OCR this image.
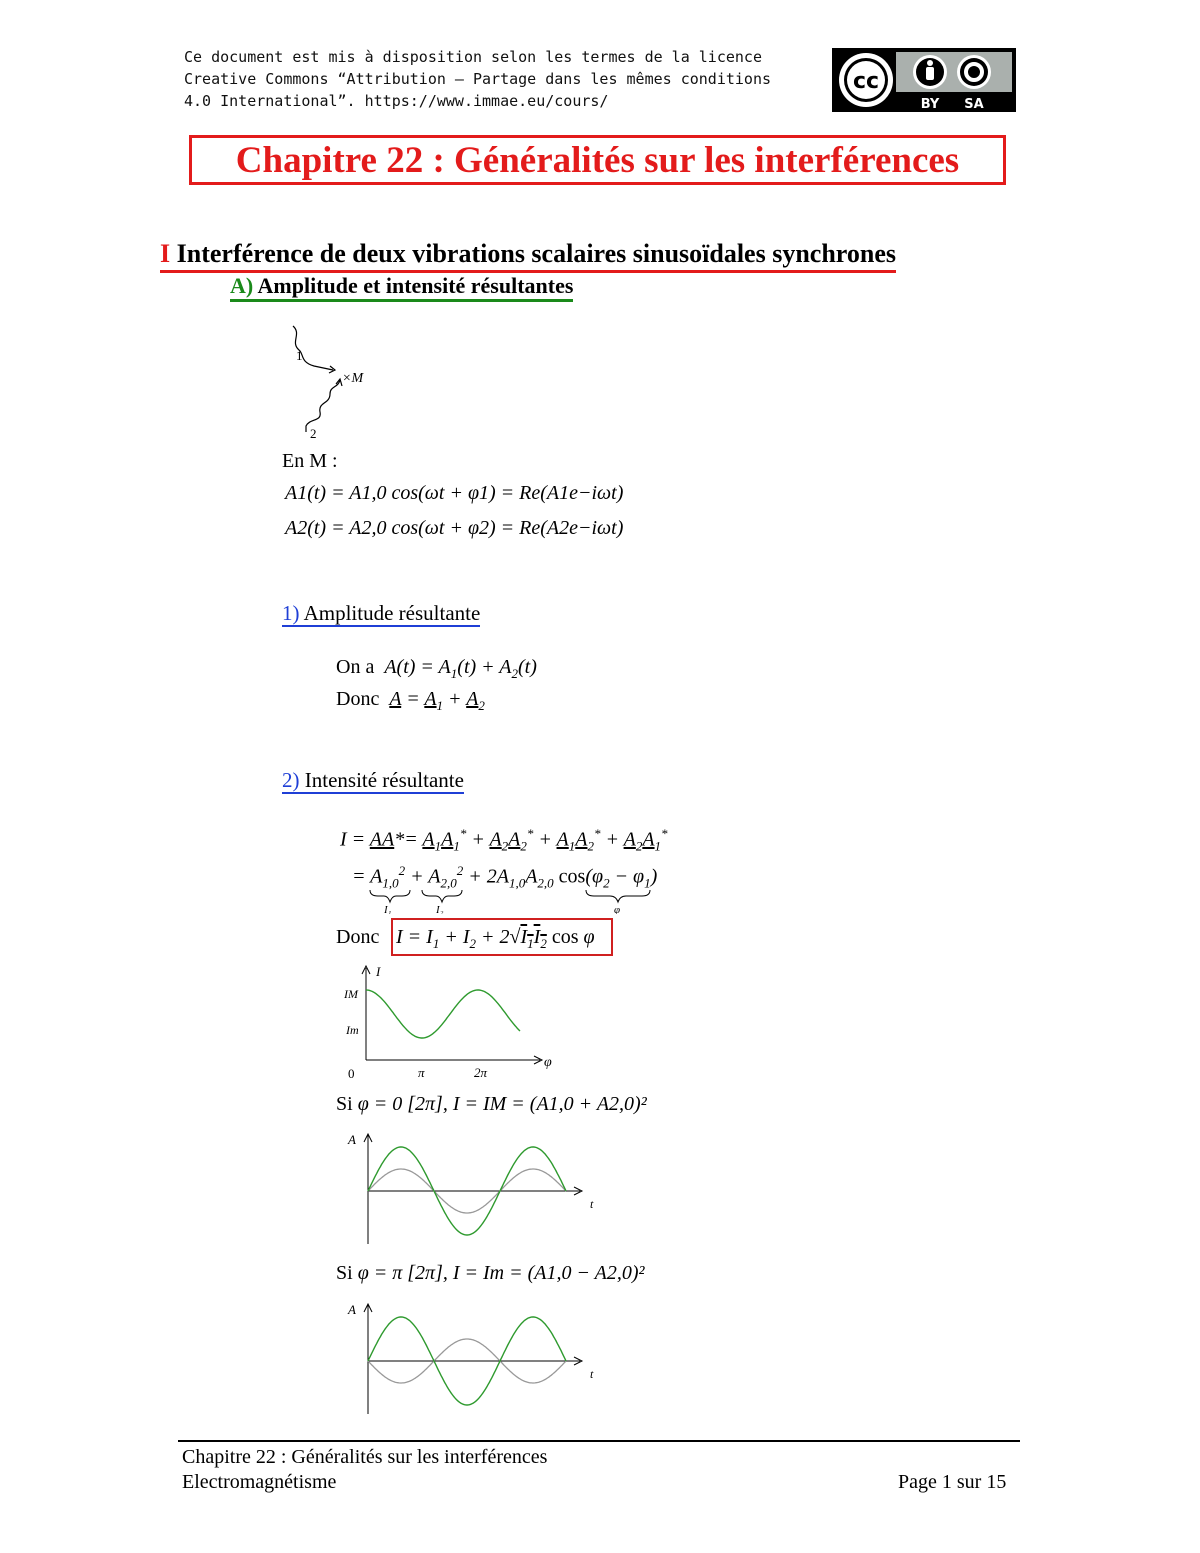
Ce document est mis à disposition selon les termes de la licence
Creative Commons “Attribution – Partage dans les mêmes conditions
4.0 International”. https://www.immae.eu/cours/
cc
BY SA
Chapitre 22 : Généralités sur les interférences
I Interférence de deux vibrations scalaires sinusoïdales synchrones
A) Amplitude et intensité résultantes
1
2
×M
En M :
A1(t) = A1,0 cos(ωt + φ1) = Re(A1e−iωt)
A2(t) = A2,0 cos(ωt + φ2) = Re(A2e−iωt)
1) Amplitude résultante
On a  $A(t) = A_1(t) + A_2(t)$
Donc $A = A_1 + A_2$
2) Intensité résultante
$I = AA*= A_1A_1^* + A_2A_2^* + A_1A_2^* + A_2A_1^*$
= $A_{1,0}^2 + A_{2,0}^2 + 2A_{1,0}A_{2,0}$ $\cos(\varphi_2 - \varphi_1)$
I₁	I₂	φ
Donc $I = I_1 + I_2 + 2√I_1I_2$ cos φ
I
IM
Im
0	π	2π
φ
Si φ = 0 [2π], I = IM = (A1,0 + A2,0)²
A
t
Si φ = π [2π], I = Im = (A1,0 − A2,0)²
A
t
Chapitre 22 : Généralités sur les interférences
Electromagnétisme	Page 1 sur 15
